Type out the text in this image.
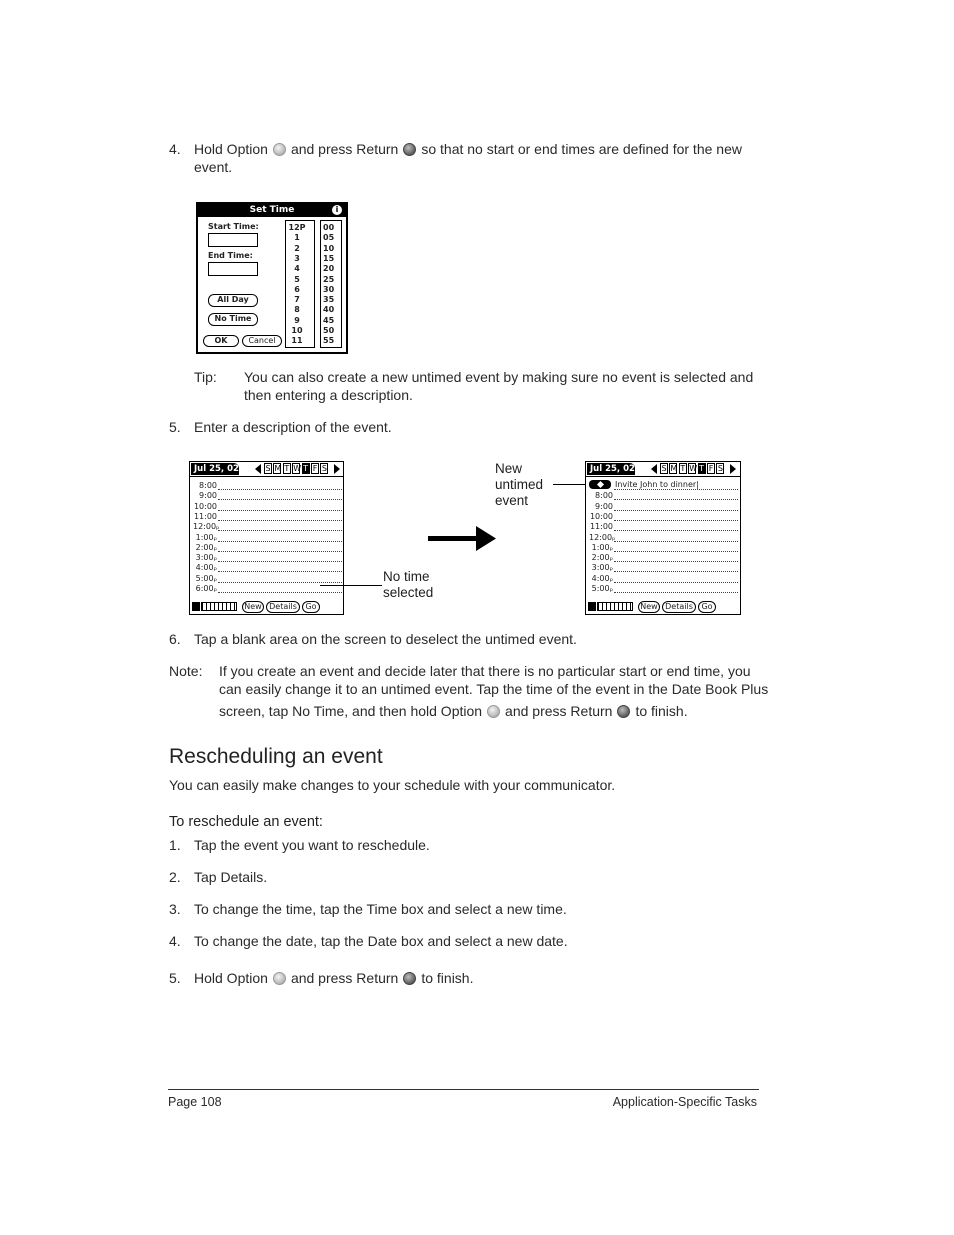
4. Hold Option and press Return so that no start or end times are defined for the new
event.
Set Time	i
Start Time:
End Time:
All Day
No Time
OK	Cancel
12P
1
2
3
4
5
6
7
8
9
10
11
00
05
10
15
20
25
30
35
40
45
50
55
Tip: You can also create a new untimed event by making sure no event is selected and
then entering a description.
5. Enter a description of the event.
Jul 25, 02	S M T W T F S
8:00
9:00
10:00
11:00
12:00ₚ
1:00ₚ
2:00ₚ
3:00ₚ
4:00ₚ
5:00ₚ
6:00ₚ
New Details	Go
No time
selected
New
untimed
event
Jul 25, 02	S M T W T F S
Invite John to dinner|
8:00
9:00
10:00
11:00
12:00ₚ
1:00ₚ
2:00ₚ
3:00ₚ
4:00ₚ
5:00ₚ
New Details	Go
6. Tap a blank area on the screen to deselect the untimed event.
Note: If you create an event and decide later that there is no particular start or end time, you
can easily change it to an untimed event. Tap the time of the event in the Date Book Plus
screen, tap No Time, and then hold Option and press Return to finish.
Rescheduling an event
You can easily make changes to your schedule with your communicator.
To reschedule an event:
1. Tap the event you want to reschedule.
2. Tap Details.
3. To change the time, tap the Time box and select a new time.
4. To change the date, tap the Date box and select a new date.
5. Hold Option and press Return to finish.
Page 108	Application-Specific Tasks
